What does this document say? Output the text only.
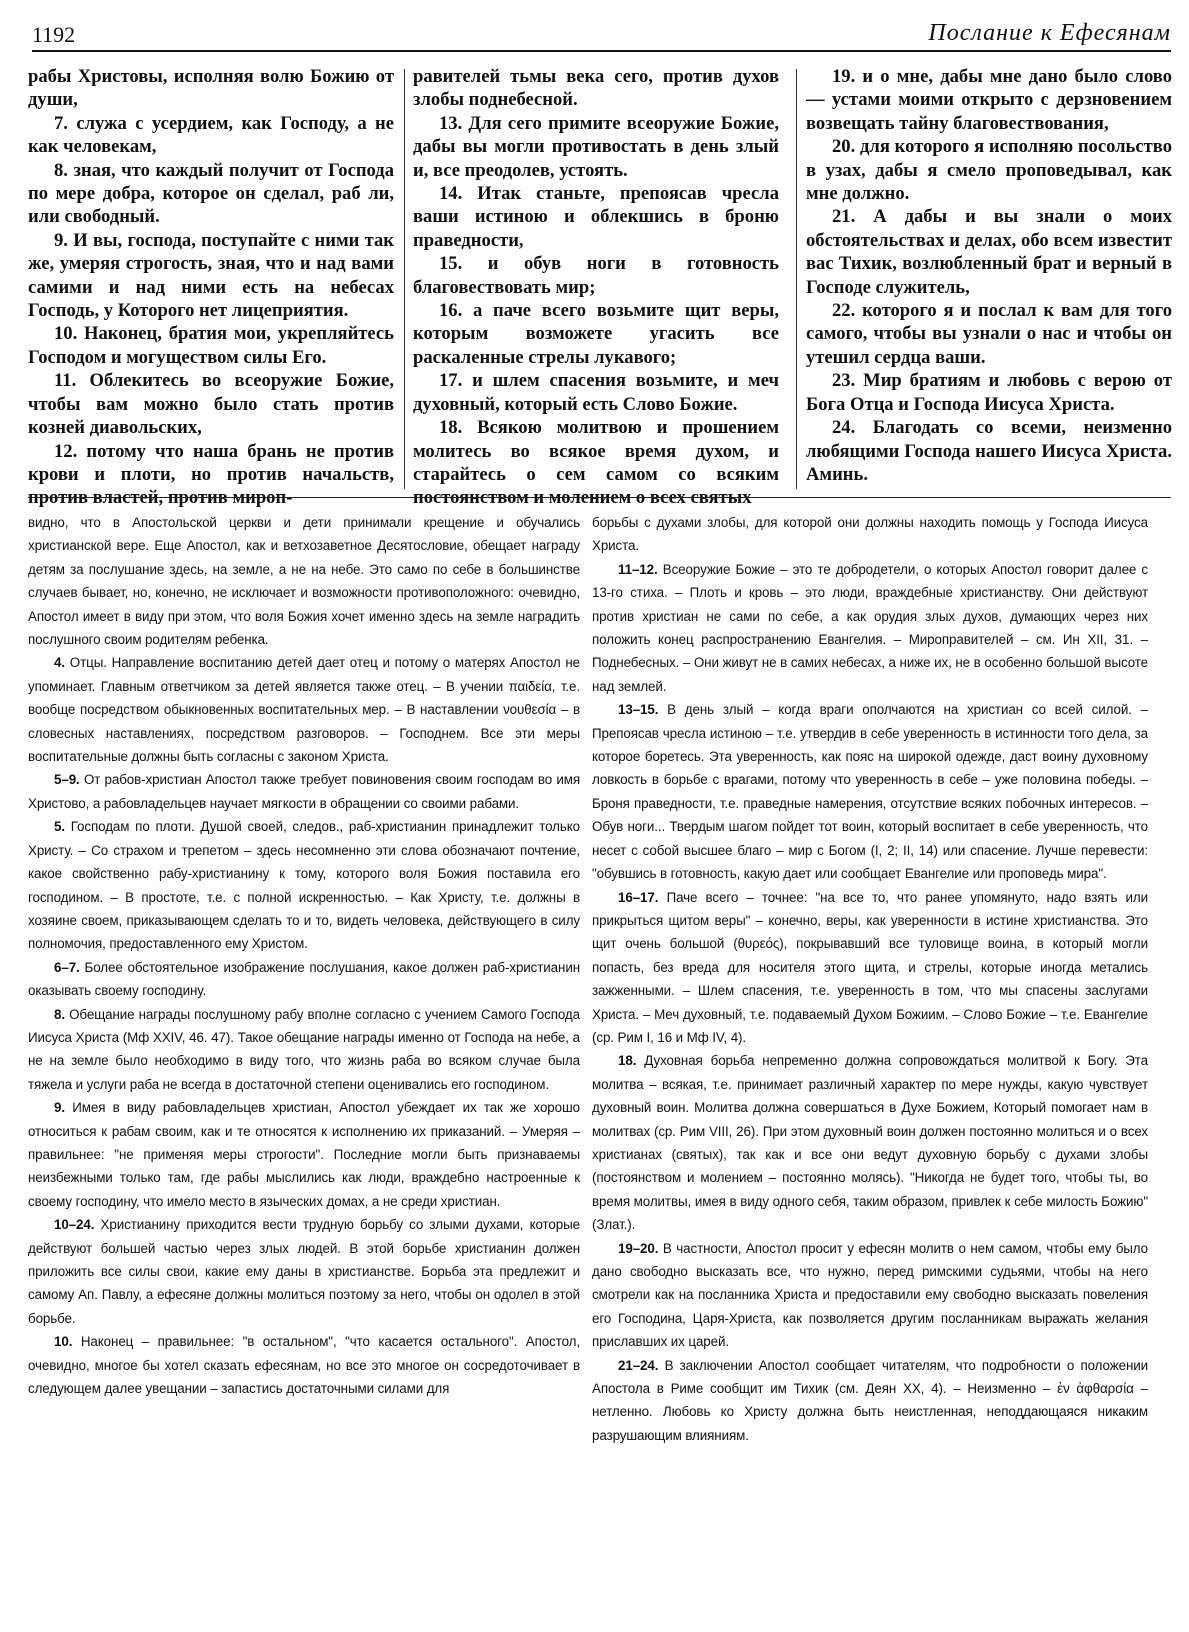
1192	Послание к Ефесянам

рабы Христовы, исполняя волю Божию от души,

7. служа с усердием, как Господу, а не как человекам,

8. зная, что каждый получит от Господа по мере добра, которое он сделал, раб ли, или свободный.

9. И вы, господа, поступайте с ними так же, умеряя строгость, зная, что и над вами самими и над ними есть на небесах Господь, у Которого нет лицеприятия.

10. Наконец, братия мои, укрепляйтесь Господом и могуществом силы Его.

11. Облекитесь во всеоружие Божие, чтобы вам можно было стать против козней диавольских,

12. потому что наша брань не против крови и плоти, но против начальств, против властей, против мироп-

равителей тьмы века сего, против духов злобы поднебесной.

13. Для сего примите всеоружие Божие, дабы вы могли противостать в день злый и, все преодолев, устоять.

14. Итак станьте, препоясав чресла ваши истиною и облекшись в броню праведности,

15. и обув ноги в готовность благовествовать мир;

16. а паче всего возьмите щит веры, которым возможете угасить все раскаленные стрелы лукавого;

17. и шлем спасения возьмите, и меч духовный, который есть Слово Божие.

18. Всякою молитвою и прошением молитесь во всякое время духом, и старайтесь о сем самом со всяким постоянством и молением о всех святых

19. и о мне, дабы мне дано было слово — устами моими открыто с дерзновением возвещать тайну благовествования,

20. для которого я исполняю посольство в узах, дабы я смело проповедывал, как мне должно.

21. А дабы и вы знали о моих обстоятельствах и делах, обо всем известит вас Тихик, возлюбленный брат и верный в Господе служитель,

22. которого я и послал к вам для того самого, чтобы вы узнали о нас и чтобы он утешил сердца ваши.

23. Мир братиям и любовь с верою от Бога Отца и Господа Иисуса Христа.

24. Благодать со всеми, неизменно любящими Господа нашего Иисуса Христа. Аминь.

видно, что в Апостольской церкви и дети принимали крещение и обучались христианской вере. Еще Апостол, как и ветхозаветное Десятословие, обещает награду детям за послушание здесь, на земле, а не на небе. Это само по себе в большинстве случаев бывает, но, конечно, не исключает и возможности противоположного: очевидно, Апостол имеет в виду при этом, что воля Божия хочет именно здесь на земле наградить послушного своим родителям ребенка.

4. Отцы. Направление воспитанию детей дает отец и потому о матерях Апостол не упоминает. Главным ответчиком за детей является также отец. – В учении παιδεία, т.е. вообще посредством обыкновенных воспитательных мер. – В наставлении νουθεσία – в словесных наставлениях, посредством разговоров. – Господнем. Все эти меры воспитательные должны быть согласны с законом Христа.

5–9. От рабов-христиан Апостол также требует повиновения своим господам во имя Христово, а рабовладельцев научает мягкости в обращении со своими рабами.

5. Господам по плоти. Душой своей, следов., раб-христианин принадлежит только Христу. – Со страхом и трепетом – здесь несомненно эти слова обозначают почтение, какое свойственно рабу-христианину к тому, которого воля Божия поставила его господином. – В простоте, т.е. с полной искренностью. – Как Христу, т.е. должны в хозяине своем, приказывающем сделать то и то, видеть человека, действующего в силу полномочия, предоставленного ему Христом.

6–7. Более обстоятельное изображение послушания, какое должен раб-христианин оказывать своему господину.

8. Обещание награды послушному рабу вполне согласно с учением Самого Господа Иисуса Христа (Мф XXIV, 46. 47). Такое обещание награды именно от Господа на небе, а не на земле было необходимо в виду того, что жизнь раба во всяком случае была тяжела и услуги раба не всегда в достаточной степени оценивались его господином.

9. Имея в виду рабовладельцев христиан, Апостол убеждает их так же хорошо относиться к рабам своим, как и те относятся к исполнению их приказаний. – Умеряя – правильнее: "не применяя меры строгости". Последние могли быть признаваемы неизбежными только там, где рабы мыслились как люди, враждебно настроенные к своему господину, что имело место в языческих домах, а не среди христиан.

10–24. Христианину приходится вести трудную борьбу со злыми духами, которые действуют большей частью через злых людей. В этой борьбе христианин должен приложить все силы свои, какие ему даны в христианстве. Борьба эта предлежит и самому Ап. Павлу, а ефесяне должны молиться поэтому за него, чтобы он одолел в этой борьбе.

10. Наконец – правильнее: "в остальном", "что касается остального". Апостол, очевидно, многое бы хотел сказать ефесянам, но все это многое он сосредоточивает в следующем далее увещании – запастись достаточными силами для

борьбы с духами злобы, для которой они должны находить помощь у Господа Иисуса Христа.

11–12. Всеоружие Божие – это те добродетели, о которых Апостол говорит далее с 13-го стиха. – Плоть и кровь – это люди, враждебные христианству. Они действуют против христиан не сами по себе, а как орудия злых духов, думающих через них положить конец распространению Евангелия. – Мироправителей – см. Ин XII, 31. – Поднебесных. – Они живут не в самих небесах, а ниже их, не в особенно большой высоте над землей.

13–15. В день злый – когда враги ополчаются на христиан со всей силой. – Препоясав чресла истиною – т.е. утвердив в себе уверенность в истинности того дела, за которое боретесь. Эта уверенность, как пояс на широкой одежде, даст воину духовному ловкость в борьбе с врагами, потому что уверенность в себе – уже половина победы. – Броня праведности, т.е. праведные намерения, отсутствие всяких побочных интересов. – Обув ноги... Твердым шагом пойдет тот воин, который воспитает в себе уверенность, что несет с собой высшее благо – мир с Богом (I, 2; II, 14) или спасение. Лучше перевести: "обувшись в готовность, какую дает или сообщает Евангелие или проповедь мира".

16–17. Паче всего – точнее: "на все то, что ранее упомянуто, надо взять или прикрыться щитом веры" – конечно, веры, как уверенности в истине христианства. Это щит очень большой (θυρεός), покрывавший все туловище воина, в который могли попасть, без вреда для носителя этого щита, и стрелы, которые иногда метались зажженными. – Шлем спасения, т.е. уверенность в том, что мы спасены заслугами Христа. – Меч духовный, т.е. подаваемый Духом Божиим. – Слово Божие – т.е. Евангелие (ср. Рим I, 16 и Мф IV, 4).

18. Духовная борьба непременно должна сопровождаться молитвой к Богу. Эта молитва – всякая, т.е. принимает различный характер по мере нужды, какую чувствует духовный воин. Молитва должна совершаться в Духе Божием, Который помогает нам в молитвах (ср. Рим VIII, 26). При этом духовный воин должен постоянно молиться и о всех христианах (святых), так как и все они ведут духовную борьбу с духами злобы (постоянством и молением – постоянно молясь). "Никогда не будет того, чтобы ты, во время молитвы, имея в виду одного себя, таким образом, привлек к себе милость Божию" (Злат.).

19–20. В частности, Апостол просит у ефесян молитв о нем самом, чтобы ему было дано свободно высказать все, что нужно, перед римскими судьями, чтобы на него смотрели как на посланника Христа и предоставили ему свободно высказать повеления его Господина, Царя-Христа, как позволяется другим посланникам выражать желания приславших их царей.

21–24. В заключении Апостол сообщает читателям, что подробности о положении Апостола в Риме сообщит им Тихик (см. Деян XX, 4). – Неизменно – ἐν ἀφθαρσία – нетленно. Любовь ко Христу должна быть неистленная, неподдающаяся никаким разрушающим влияниям.
